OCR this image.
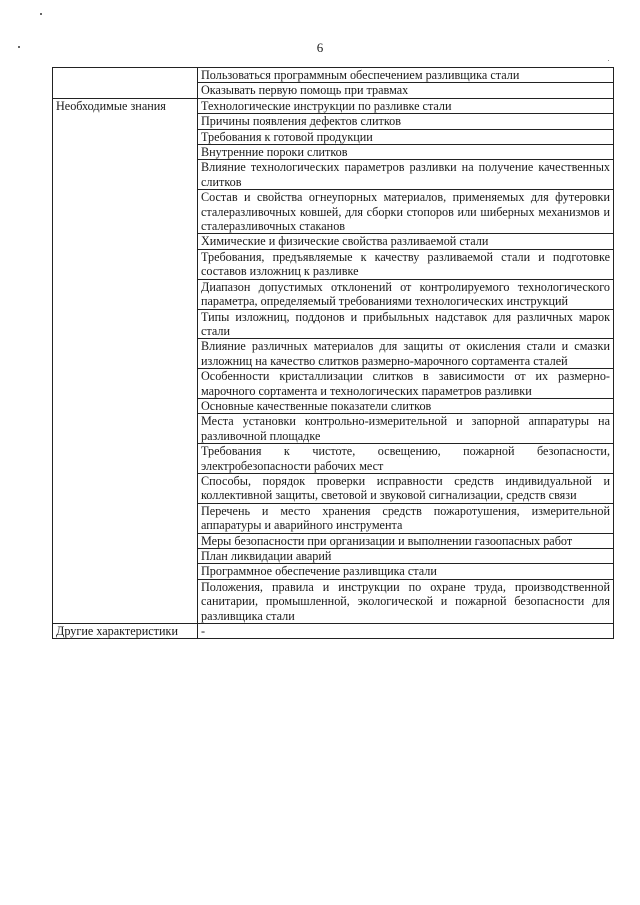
6
	Пользоваться программным обеспечением разливщика стали
	Оказывать первую помощь при травмах
Необходимые знания	Технологические инструкции по разливке стали
	Причины появления дефектов слитков
	Требования к готовой продукции
	Внутренние пороки слитков
	Влияние технологических параметров разливки на получение качественных слитков
	Состав и свойства огнеупорных материалов, применяемых для футеровки сталеразливочных ковшей, для сборки стопоров или шиберных механизмов и сталеразливочных стаканов
	Химические и физические свойства разливаемой стали
	Требования, предъявляемые к качеству разливаемой стали и подготовке составов изложниц к разливке
	Диапазон допустимых отклонений от контролируемого технологического параметра, определяемый требованиями технологических инструкций
	Типы изложниц, поддонов и прибыльных надставок для различных марок стали
	Влияние различных материалов для защиты от окисления стали и смазки изложниц на качество слитков размерно-марочного сортамента сталей
	Особенности кристаллизации слитков в зависимости от их размерно-марочного сортамента и технологических параметров разливки
	Основные качественные показатели слитков
	Места установки контрольно-измерительной и запорной аппаратуры на разливочной площадке
	Требования к чистоте, освещению, пожарной безопасности, электробезопасности рабочих мест
	Способы, порядок проверки исправности средств индивидуальной и коллективной защиты, световой и звуковой сигнализации, средств связи
	Перечень и место хранения средств пожаротушения, измерительной аппаратуры и аварийного инструмента
	Меры безопасности при организации и выполнении газоопасных работ
	План ликвидации аварий
	Программное обеспечение разливщика стали
	Положения, правила и инструкции по охране труда, производственной санитарии, промышленной, экологической и пожарной безопасности для разливщика стали
Другие характеристики	-
